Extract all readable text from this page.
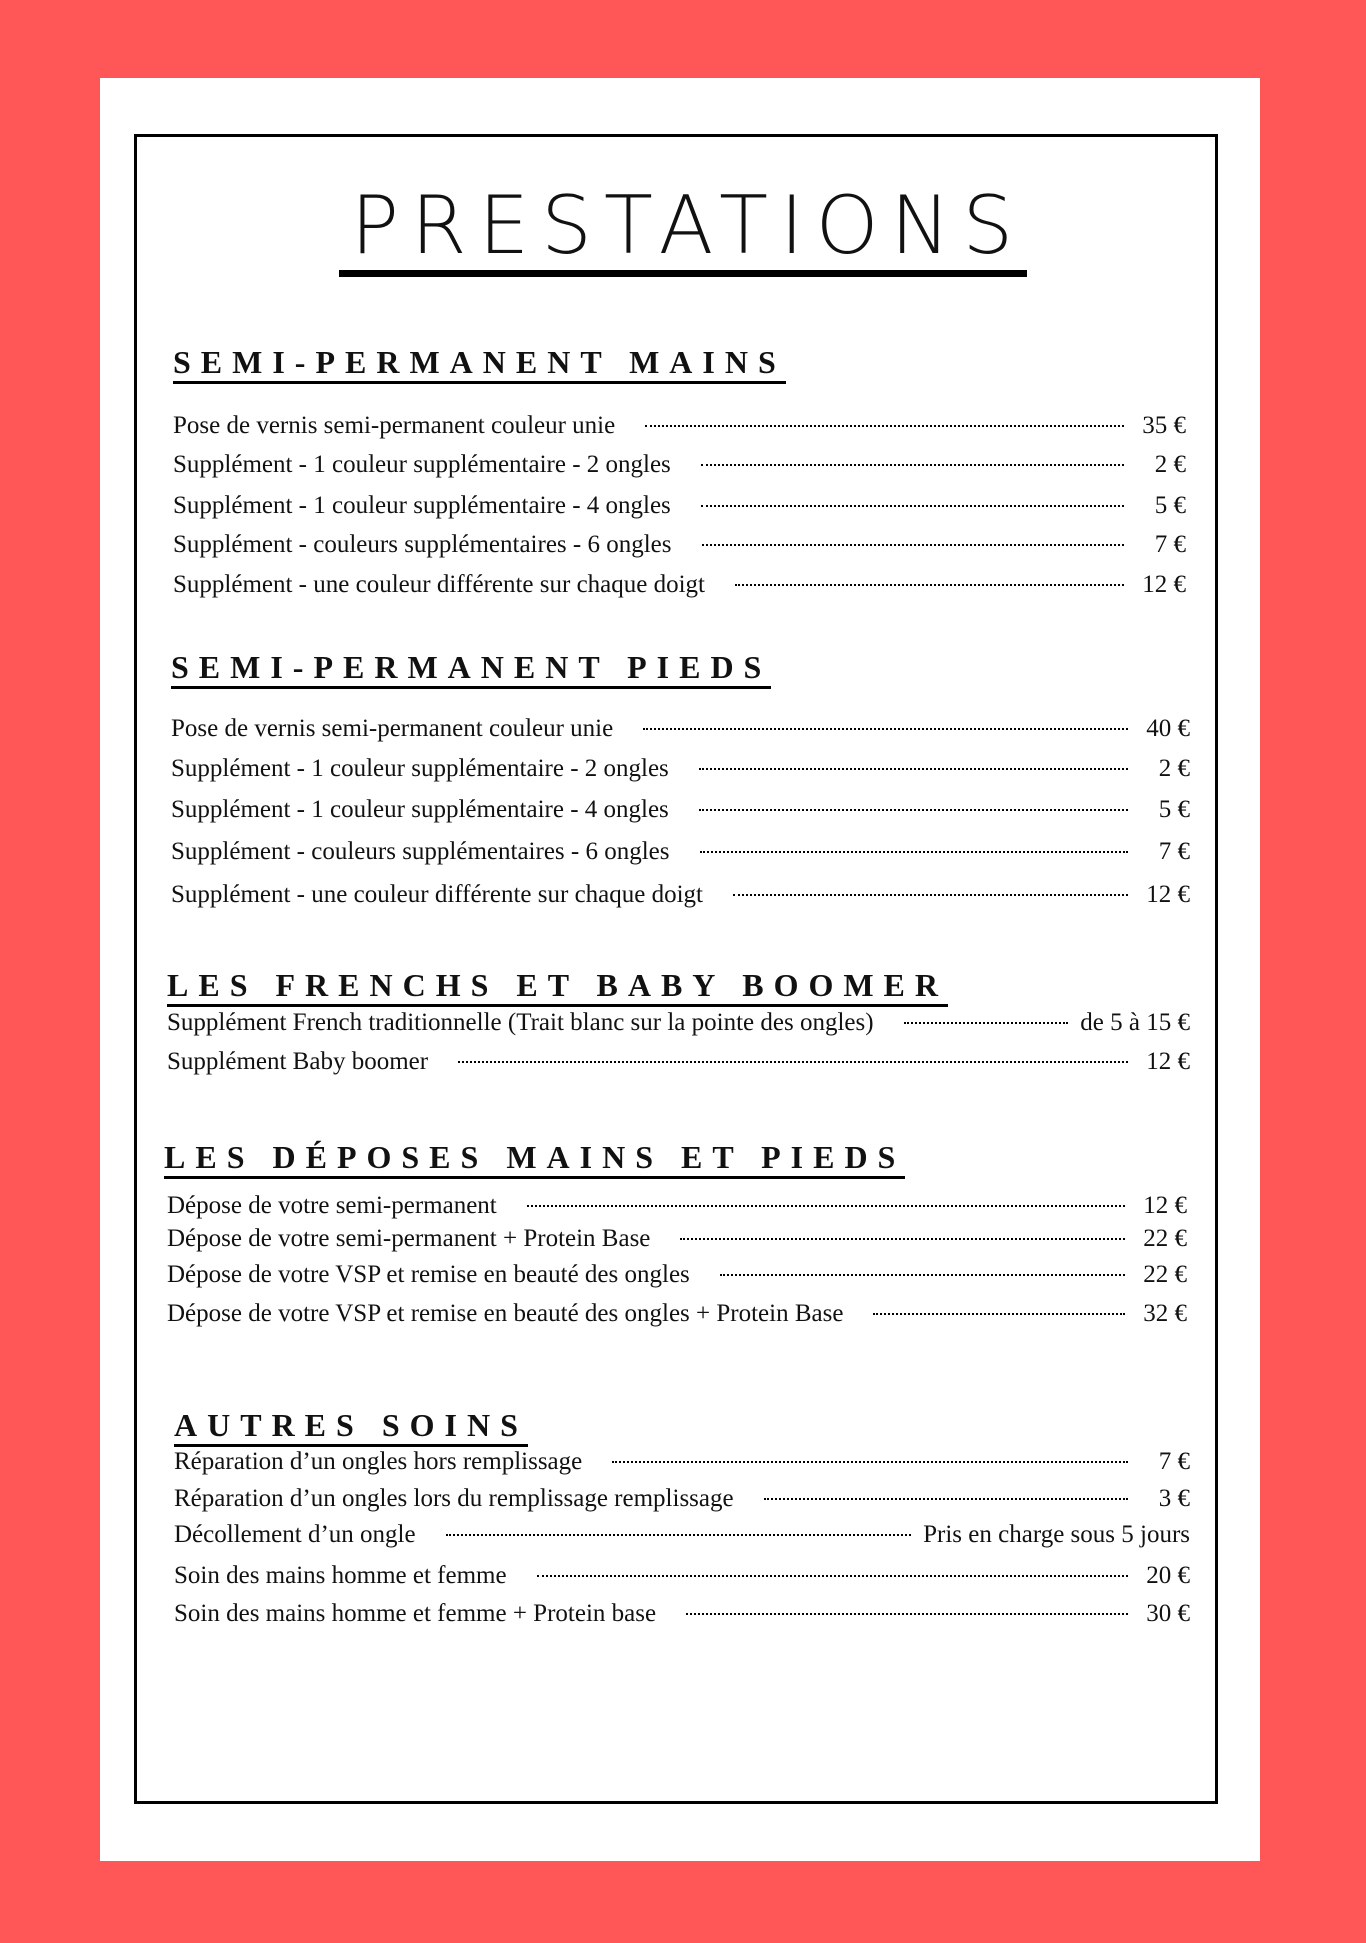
PRESTATIONS
SEMI-PERMANENT MAINS
Pose de vernis semi-permanent couleur unie	35 €
Supplément - 1 couleur supplémentaire - 2 ongles	2 €
Supplément - 1 couleur supplémentaire - 4 ongles	5 €
Supplément - couleurs supplémentaires - 6 ongles	7 €
Supplément - une couleur différente sur chaque doigt	12 €
SEMI-PERMANENT PIEDS
Pose de vernis semi-permanent couleur unie	40 €
Supplément - 1 couleur supplémentaire - 2 ongles	2 €
Supplément - 1 couleur supplémentaire - 4 ongles	5 €
Supplément - couleurs supplémentaires - 6 ongles	7 €
Supplément - une couleur différente sur chaque doigt	12 €
LES FRENCHS ET BABY BOOMER
Supplément French traditionnelle (Trait blanc sur la pointe des ongles)	de 5 à 15 €
Supplément Baby boomer	12 €
LES DÉPOSES MAINS ET PIEDS
Dépose de votre semi-permanent	12 €
Dépose de votre semi-permanent + Protein Base	22 €
Dépose de votre VSP et remise en beauté des ongles	22 €
Dépose de votre VSP et remise en beauté des ongles + Protein Base	32 €
AUTRES SOINS
Réparation d’un ongles hors remplissage	7 €
Réparation d’un ongles lors du remplissage remplissage	3 €
Décollement d’un ongle	Pris en charge sous 5 jours
Soin des mains homme et femme	20 €
Soin des mains homme et femme + Protein base	30 €
